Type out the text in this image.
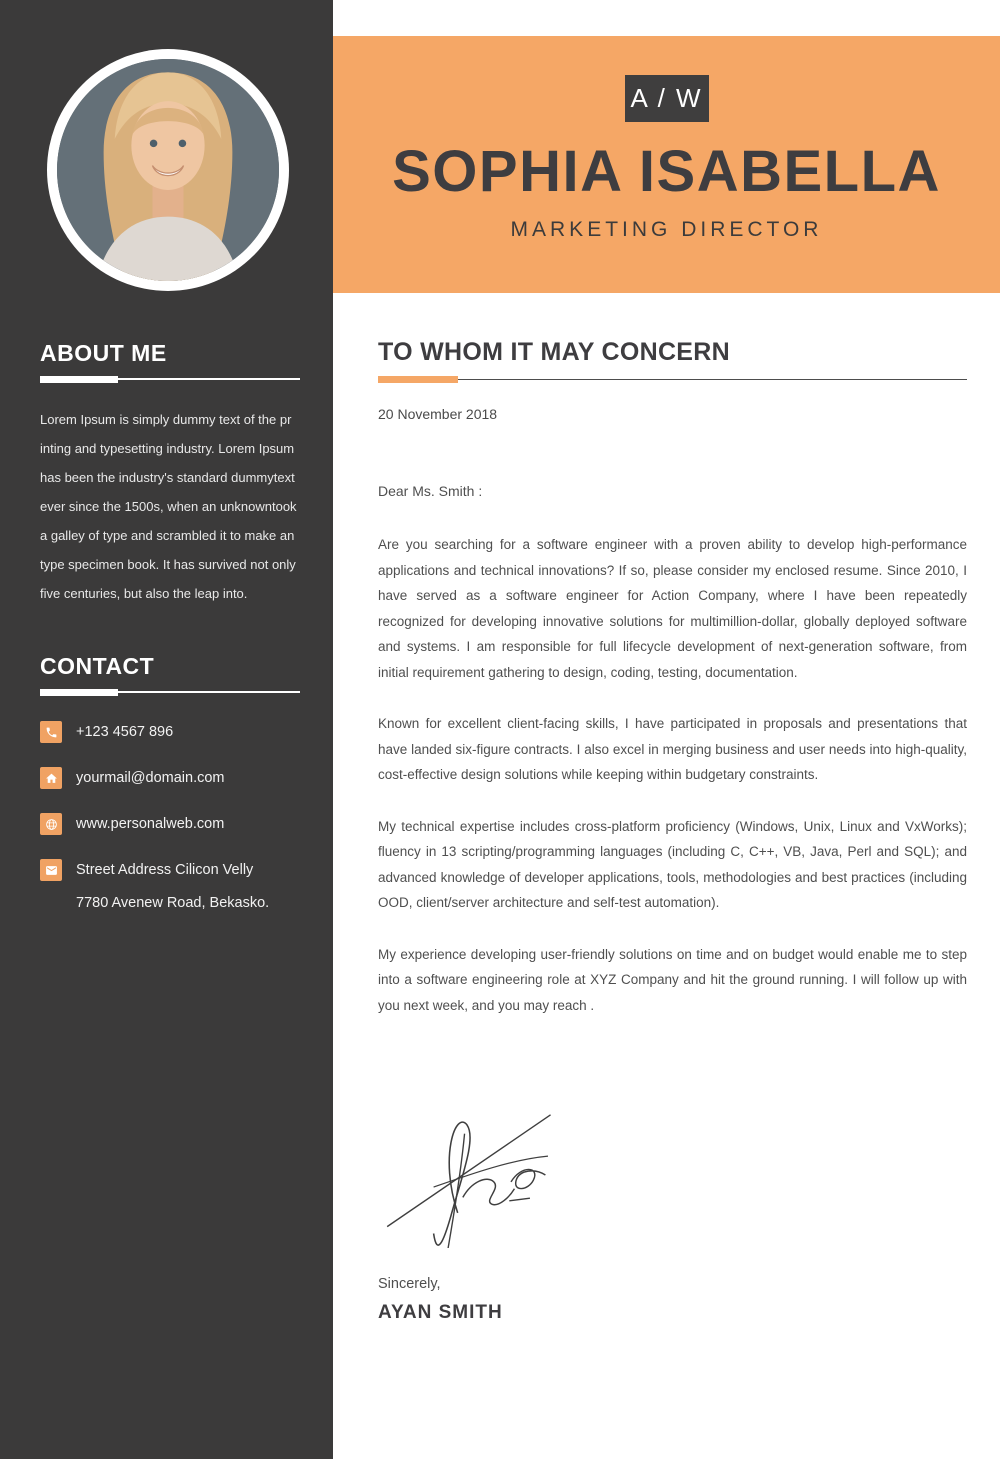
ABOUT ME
Lorem Ipsum is simply dummy text of the pr
inting and typesetting industry. Lorem Ipsum
has been the industry's standard dummytext
ever since the 1500s, when an unknowntook
a galley of type and scrambled it to make an
type specimen book. It has survived not only
five centuries, but also the leap into.
CONTACT
+123 4567 896
yourmail@domain.com
www.personalweb.com
Street Address Cilicon Velly
7780 Avenew Road, Bekasko.
A / W
SOPHIA ISABELLA
MARKETING DIRECTOR
TO WHOM IT MAY CONCERN
20 November 2018
Dear Ms. Smith :

Are you searching for a software engineer with a proven ability to develop high-performance applications and technical innovations? If so, please consider my enclosed resume. Since 2010, I have served as a software engineer for Action Company, where I have been repeatedly recognized for developing innovative solutions for multimillion-dollar, globally deployed software and systems. I am responsible for full lifecycle development of next-generation software, from initial requirement gathering to design, coding, testing, documentation.

Known for excellent client-facing skills, I have participated in proposals and presentations that have landed six-figure contracts. I also excel in merging business and user needs into high-quality, cost-effective design solutions while keeping within budgetary constraints.

My technical expertise includes cross-platform proficiency (Windows, Unix, Linux and VxWorks); fluency in 13 scripting/programming languages (including C, C++, VB, Java, Perl and SQL); and advanced knowledge of developer applications, tools, methodologies and best practices (including OOD, client/server architecture and self-test automation).

My experience developing user-friendly solutions on time and on budget would enable me to step into a software engineering role at XYZ Company and hit the ground running. I will follow up with you next week, and you may reach .

Sincerely,
AYAN SMITH
